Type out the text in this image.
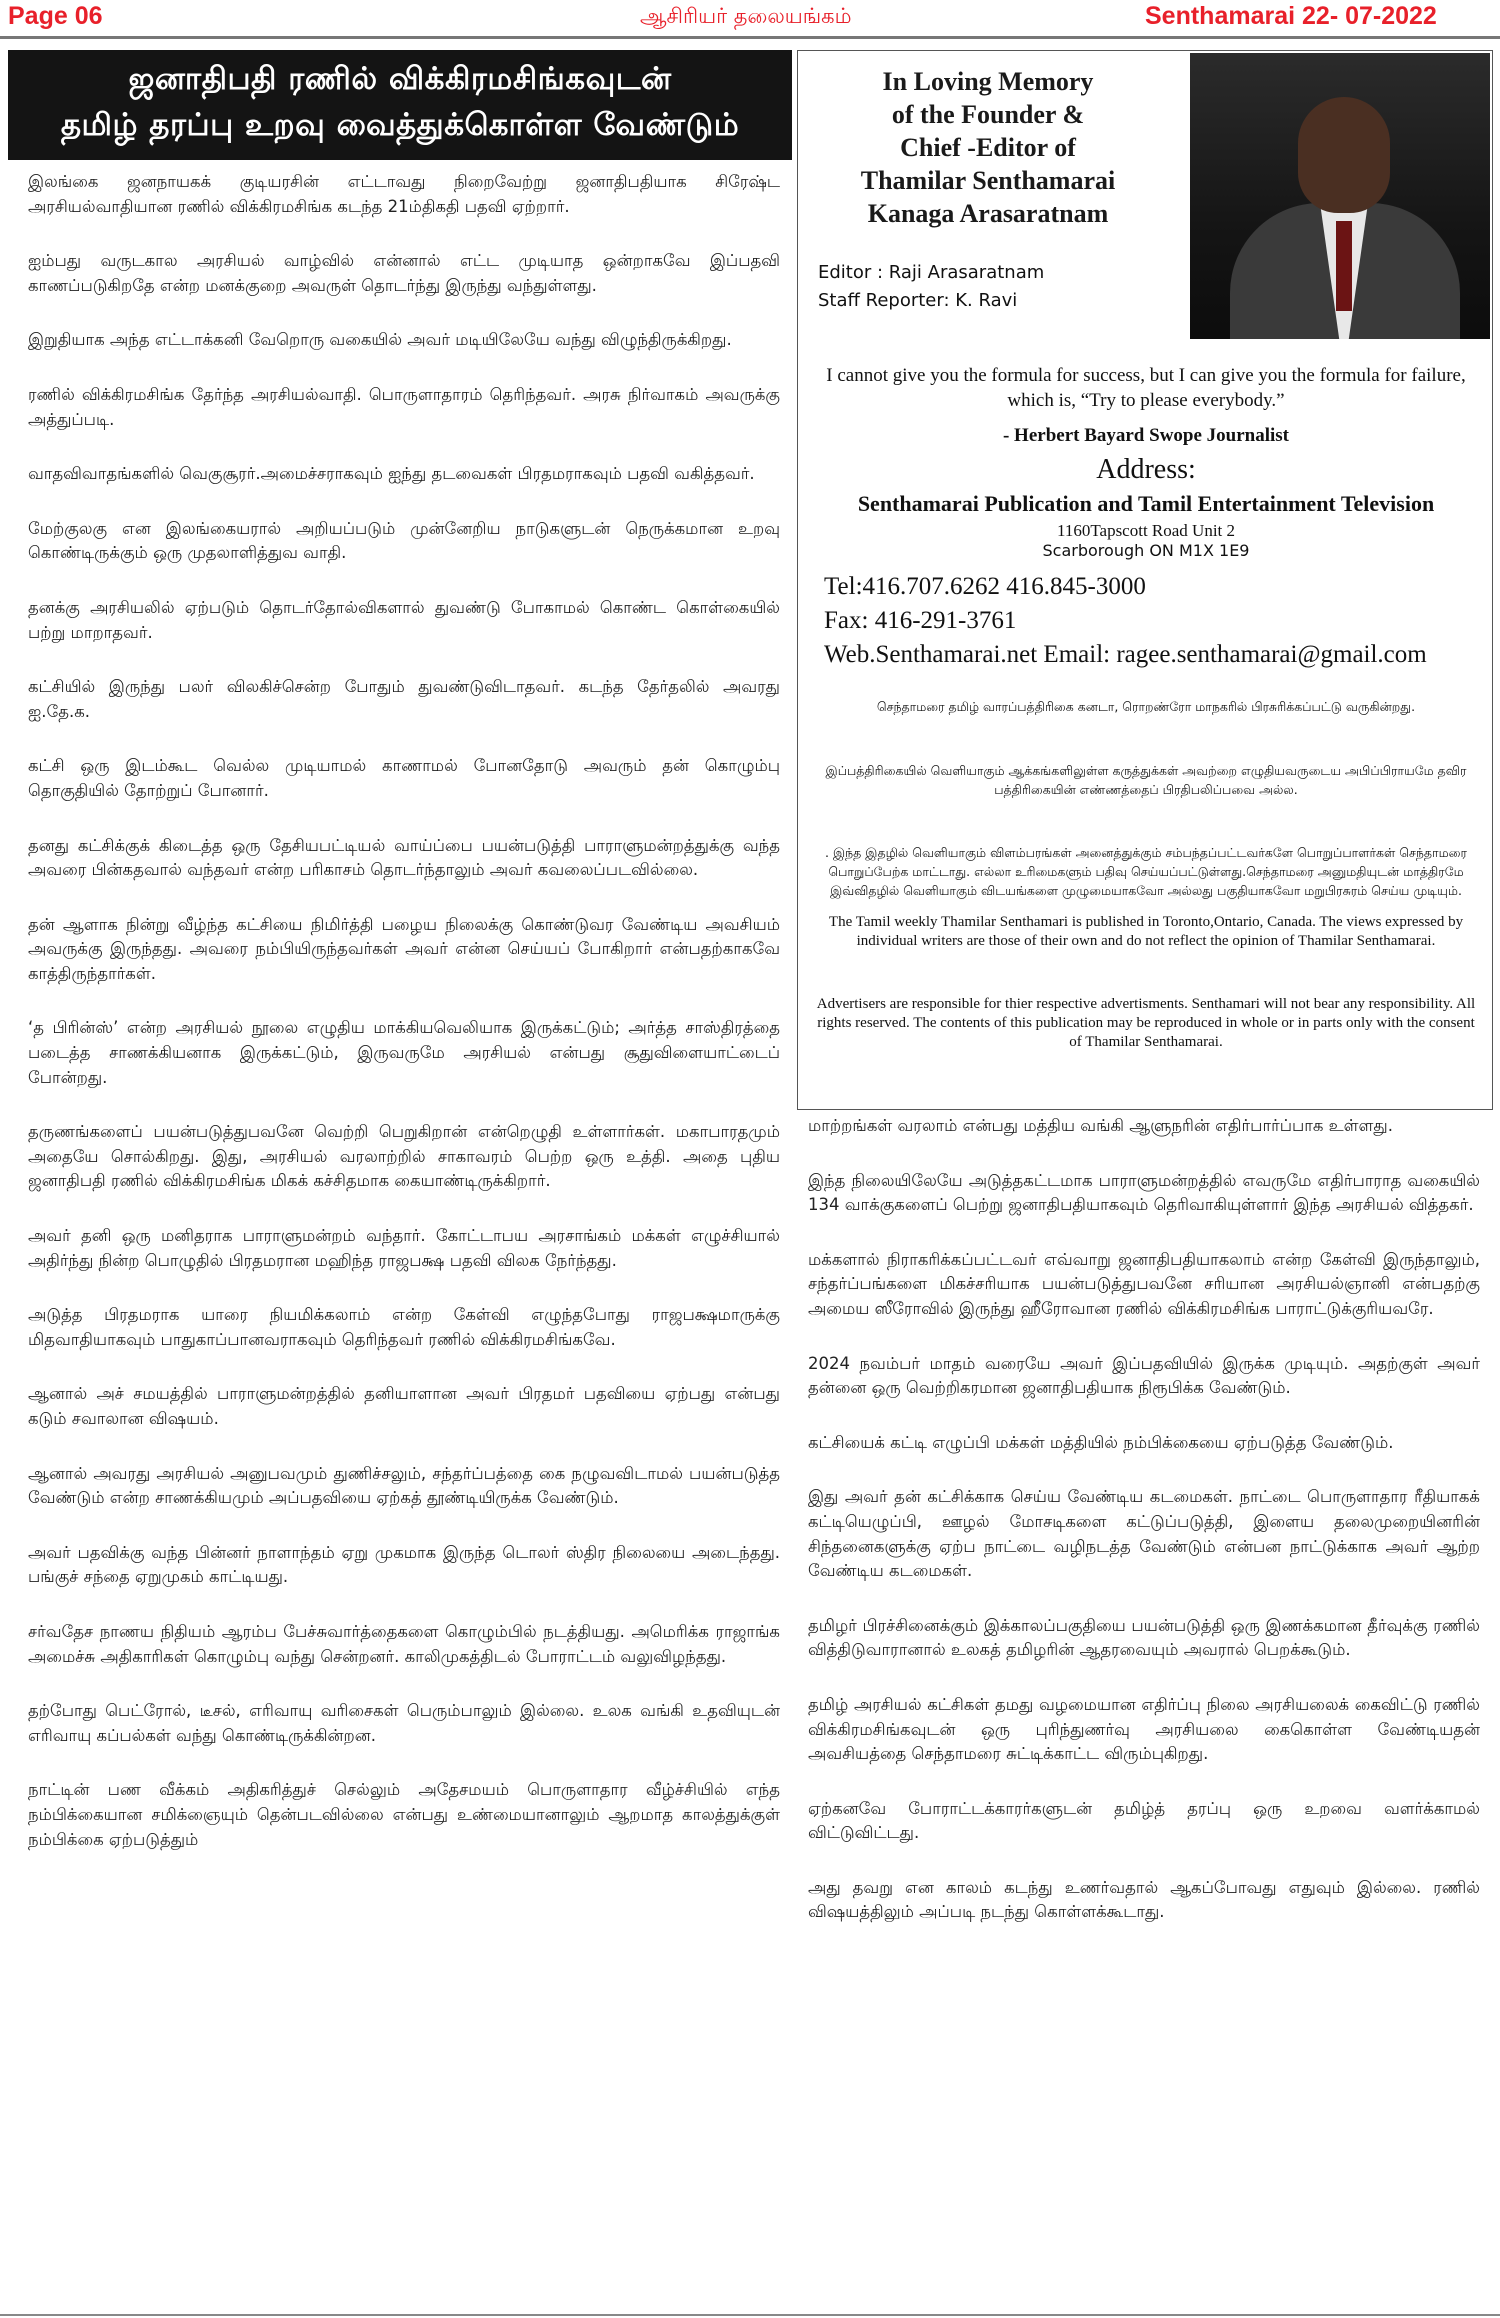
Page 06	ஆசிரியர் தலையங்கம்	Senthamarai 22- 07-2022
ஜனாதிபதி ரணில் விக்கிரமசிங்கவுடன்
தமிழ் தரப்பு உறவு வைத்துக்கொள்ள வேண்டும்

இலங்கை ஜனநாயகக் குடியரசின் எட்டாவது நிறைவேற்று ஜனாதிபதியாக சிரேஷ்ட அரசியல்வாதியான ரணில் விக்கிரமசிங்க கடந்த 21ம்திகதி பதவி ஏற்றார்.

ஐம்பது வருடகால அரசியல் வாழ்வில் என்னால் எட்ட முடியாத ஒன்றாகவே இப்பதவி காணப்படுகிறதே என்ற மனக்குறை அவருள் தொடர்ந்து இருந்து வந்துள்ளது.

இறுதியாக அந்த எட்டாக்கனி வேறொரு வகையில் அவர் மடியிலேயே வந்து விழுந்திருக்கிறது.

ரணில் விக்கிரமசிங்க தேர்ந்த அரசியல்வாதி. பொருளாதாரம் தெரிந்தவர். அரசு நிர்வாகம் அவருக்கு அத்துப்படி.

வாதவிவாதங்களில் வெகுசூரர்.அமைச்சராகவும் ஐந்து தடவைகள் பிரதமராகவும் பதவி வகித்தவர்.

மேற்குலகு என இலங்கையரால் அறியப்படும் முன்னேறிய நாடுகளுடன் நெருக்கமான உறவு கொண்டிருக்கும் ஒரு முதலாளித்துவ வாதி.

தனக்கு அரசியலில் ஏற்படும் தொடர்தோல்விகளால் துவண்டு போகாமல் கொண்ட கொள்கையில் பற்று மாறாதவர்.

கட்சியில் இருந்து பலர் விலகிச்சென்ற போதும் துவண்டுவிடாதவர். கடந்த தேர்தலில் அவரது ஐ.தே.க.

கட்சி ஒரு இடம்கூட வெல்ல முடியாமல் காணாமல் போனதோடு அவரும் தன் கொழும்பு தொகுதியில் தோற்றுப் போனார்.

தனது கட்சிக்குக் கிடைத்த ஒரு தேசியபட்டியல் வாய்ப்பை பயன்படுத்தி பாராளுமன்றத்துக்கு வந்த அவரை பின்கதவால் வந்தவர் என்ற பரிகாசம் தொடர்ந்தாலும் அவர் கவலைப்படவில்லை.

தன் ஆளாக நின்று வீழ்ந்த கட்சியை நிமிர்த்தி பழைய நிலைக்கு கொண்டுவர வேண்டிய அவசியம் அவருக்கு இருந்தது. அவரை நம்பியிருந்தவர்கள் அவர் என்ன செய்யப் போகிறார் என்பதற்காகவே காத்திருந்தார்கள்.

‘த பிரின்ஸ்’ என்ற அரசியல் நூலை எழுதிய மாக்கியவெலியாக இருக்கட்டும்; அர்த்த சாஸ்திரத்தை படைத்த சாணக்கியனாக இருக்கட்டும், இருவருமே அரசியல் என்பது சூதுவிளையாட்டைப் போன்றது.

தருணங்களைப் பயன்படுத்துபவனே வெற்றி பெறுகிறான் என்றெழுதி உள்ளார்கள். மகாபாரதமும் அதையே சொல்கிறது. இது, அரசியல் வரலாற்றில் சாகாவரம் பெற்ற ஒரு உத்தி. அதை புதிய ஜனாதிபதி ரணில் விக்கிரமசிங்க மிகக் கச்சிதமாக கையாண்டிருக்கிறார்.

அவர் தனி ஒரு மனிதராக பாராளுமன்றம் வந்தார். கோட்டாபய அரசாங்கம் மக்கள் எழுச்சியால் அதிர்ந்து நின்ற பொழுதில் பிரதமரான மஹிந்த ராஜபக்ஷ பதவி விலக நேர்ந்தது.

அடுத்த பிரதமராக யாரை நியமிக்கலாம் என்ற கேள்வி எழுந்தபோது ராஜபக்ஷமாருக்கு மிதவாதியாகவும் பாதுகாப்பானவராகவும் தெரிந்தவர் ரணில் விக்கிரமசிங்கவே.

ஆனால் அச் சமயத்தில் பாராளுமன்றத்தில் தனியாளான அவர் பிரதமர் பதவியை ஏற்பது என்பது கடும் சவாலான விஷயம்.

ஆனால் அவரது அரசியல் அனுபவமும் துணிச்சலும், சந்தர்ப்பத்தை கை நழுவவிடாமல் பயன்படுத்த வேண்டும் என்ற சாணக்கியமும் அப்பதவியை ஏற்கத் தூண்டியிருக்க வேண்டும்.

அவர் பதவிக்கு வந்த பின்னர் நாளாந்தம் ஏறு முகமாக இருந்த டொலர் ஸ்திர நிலையை அடைந்தது. பங்குச் சந்தை ஏறுமுகம் காட்டியது.

சர்வதேச நாணய நிதியம் ஆரம்ப பேச்சுவார்த்தைகளை கொழும்பில் நடத்தியது. அமெரிக்க ராஜாங்க அமைச்சு அதிகாரிகள் கொழும்பு வந்து சென்றனர். காலிமுகத்திடல் போராட்டம் வலுவிழந்தது.

தற்போது பெட்ரோல், டீசல், எரிவாயு வரிசைகள் பெரும்பாலும் இல்லை. உலக வங்கி உதவியுடன் எரிவாயு கப்பல்கள் வந்து கொண்டிருக்கின்றன.

நாட்டின் பண வீக்கம் அதிகரித்துச் செல்லும் அதேசமயம் பொருளாதார வீழ்ச்சியில் எந்த நம்பிக்கையான சமிக்ஞையும் தென்படவில்லை என்பது உண்மையானாலும் ஆறமாத காலத்துக்குள் நம்பிக்கை ஏற்படுத்தும்

மாற்றங்கள் வரலாம் என்பது மத்திய வங்கி ஆளுநரின் எதிர்பார்ப்பாக உள்ளது.

இந்த நிலையிலேயே அடுத்தகட்டமாக பாராளுமன்றத்தில் எவருமே எதிர்பாராத வகையில் 134 வாக்குகளைப் பெற்று ஜனாதிபதியாகவும் தெரிவாகியுள்ளார் இந்த அரசியல் வித்தகர்.

மக்களால் நிராகரிக்கப்பட்டவர் எவ்வாறு ஜனாதிபதியாகலாம் என்ற கேள்வி இருந்தாலும், சந்தர்ப்பங்களை மிகச்சரியாக பயன்படுத்துபவனே சரியான அரசியல்ஞானி என்பதற்கு அமைய ஸீரோவில் இருந்து ஹீரோவான ரணில் விக்கிரமசிங்க பாராட்டுக்குரியவரே.

2024 நவம்பர் மாதம் வரையே அவர் இப்பதவியில் இருக்க முடியும். அதற்குள் அவர் தன்னை ஒரு வெற்றிகரமான ஜனாதிபதியாக நிரூபிக்க வேண்டும்.

கட்சியைக் கட்டி எழுப்பி மக்கள் மத்தியில் நம்பிக்கையை ஏற்படுத்த வேண்டும்.

இது அவர் தன் கட்சிக்காக செய்ய வேண்டிய கடமைகள். நாட்டை பொருளாதார ரீதியாகக் கட்டியெழுப்பி, ஊழல் மோசடிகளை கட்டுப்படுத்தி, இளைய தலைமுறையினரின் சிந்தனைகளுக்கு ஏற்ப நாட்டை வழிநடத்த வேண்டும் என்பன நாட்டுக்காக அவர் ஆற்ற வேண்டிய கடமைகள்.

தமிழர் பிரச்சினைக்கும் இக்காலப்பகுதியை பயன்படுத்தி ஒரு இணக்கமான தீர்வுக்கு ரணில் வித்திடுவாரானால் உலகத் தமிழரின் ஆதரவையும் அவரால் பெறக்கூடும்.

தமிழ் அரசியல் கட்சிகள் தமது வழமையான எதிர்ப்பு நிலை அரசியலைக் கைவிட்டு ரணில் விக்கிரமசிங்கவுடன் ஒரு புரிந்துணர்வு அரசியலை கைகொள்ள வேண்டியதன் அவசியத்தை செந்தாமரை சுட்டிக்காட்ட விரும்புகிறது.

ஏற்கனவே போராட்டக்காரர்களுடன் தமிழ்த் தரப்பு ஒரு உறவை வளர்க்காமல் விட்டுவிட்டது.

அது தவறு என காலம் கடந்து உணர்வதால் ஆகப்போவது எதுவும் இல்லை. ரணில் விஷயத்திலும் அப்படி நடந்து கொள்ளக்கூடாது.

In Loving Memory
of the Founder &
Chief -Editor of
Thamilar Senthamarai
Kanaga Arasaratnam
Editor : Raji Arasaratnam
Staff Reporter: K. Ravi
I cannot give you the formula for success, but I can give you the formula for failure, which is, “Try to please everybody.”
- Herbert Bayard Swope Journalist
Address:
Senthamarai Publication and Tamil Entertainment Television
1160Tapscott Road Unit 2
Scarborough ON M1X 1E9
Tel:416.707.6262 416.845-3000
Fax: 416-291-3761
Web.Senthamarai.net Email: ragee.senthamarai@gmail.com
செந்தாமரை தமிழ் வாரப்பத்திரிகை கனடா, ரொறண்ரோ மாநகரில் பிரசுரிக்கப்பட்டு வருகின்றது.
இப்பத்திரிகையில் வெளியாகும் ஆக்கங்களிலுள்ள கருத்துக்கள் அவற்றை எழுதியவருடைய அபிப்பிராயமே தவிர பத்திரிகையின் எண்ணத்தைப் பிரதிபலிப்பவை அல்ல.
. இந்த இதழில் வெளியாகும் விளம்பரங்கள் அனைத்துக்கும் சம்பந்தப்பட்டவர்களே பொறுப்பாளர்கள் செந்தாமரை பொறுப்பேற்க மாட்டாது. எல்லா உரிமைகளும் பதிவு செய்யப்பட்டுள்ளது.செந்தாமரை அனுமதியுடன் மாத்திரமே இவ்விதழில் வெளியாகும் விடயங்களை முழுமையாகவோ அல்லது பகுதியாகவோ மறுபிரசுரம் செய்ய முடியும்.
The Tamil weekly Thamilar Senthamari is published in Toronto,Ontario, Canada. The views expressed by individual writers are those of their own and do not reflect the opinion of Thamilar Senthamarai.
Advertisers are responsible for thier respective advertisments. Senthamari will not bear any responsibility. All rights reserved. The contents of this publication may be reproduced in whole or in parts only with the consent of Thamilar Senthamarai.
